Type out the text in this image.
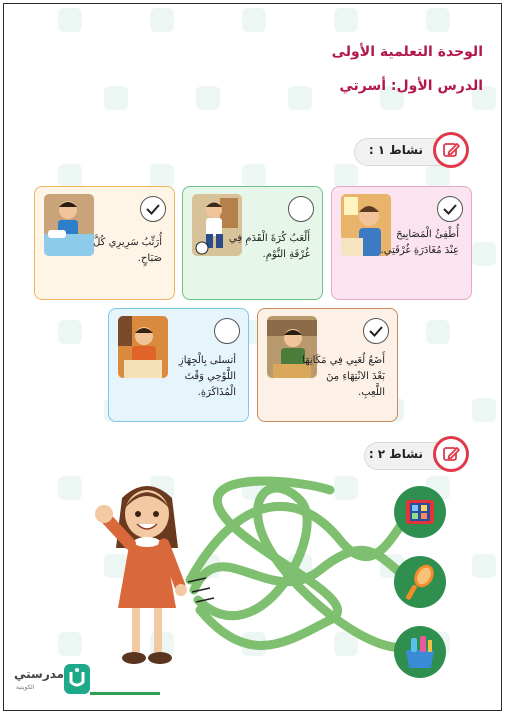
الوحدة التعلمية الأولى
الدرس الأول: أسرتي
نشاط ١ :
أُطْفِئُ الْمَصَابِيحَ عِنْدَ مُغَادَرَةِ غُرْفَتِي.
أَلْعَبُ كُرَةَ الْقَدَمِ فِي غُرْفَةِ النَّوْمِ.
أُرَتِّبُ سَرِيرِي كُلَّ صَبَاحٍ.
أَضَعُ لُعَبِي فِي مَكَانِهَا بَعْدَ الانْتِهَاءِ مِنَ اللَّعِبِ.
أتسلى بِالْجِهَازِ اللَّوْحِي وَقْتَ الْمُذَاكَرَةِ.
نشاط ٢ :
مدرستي
الكويتية
